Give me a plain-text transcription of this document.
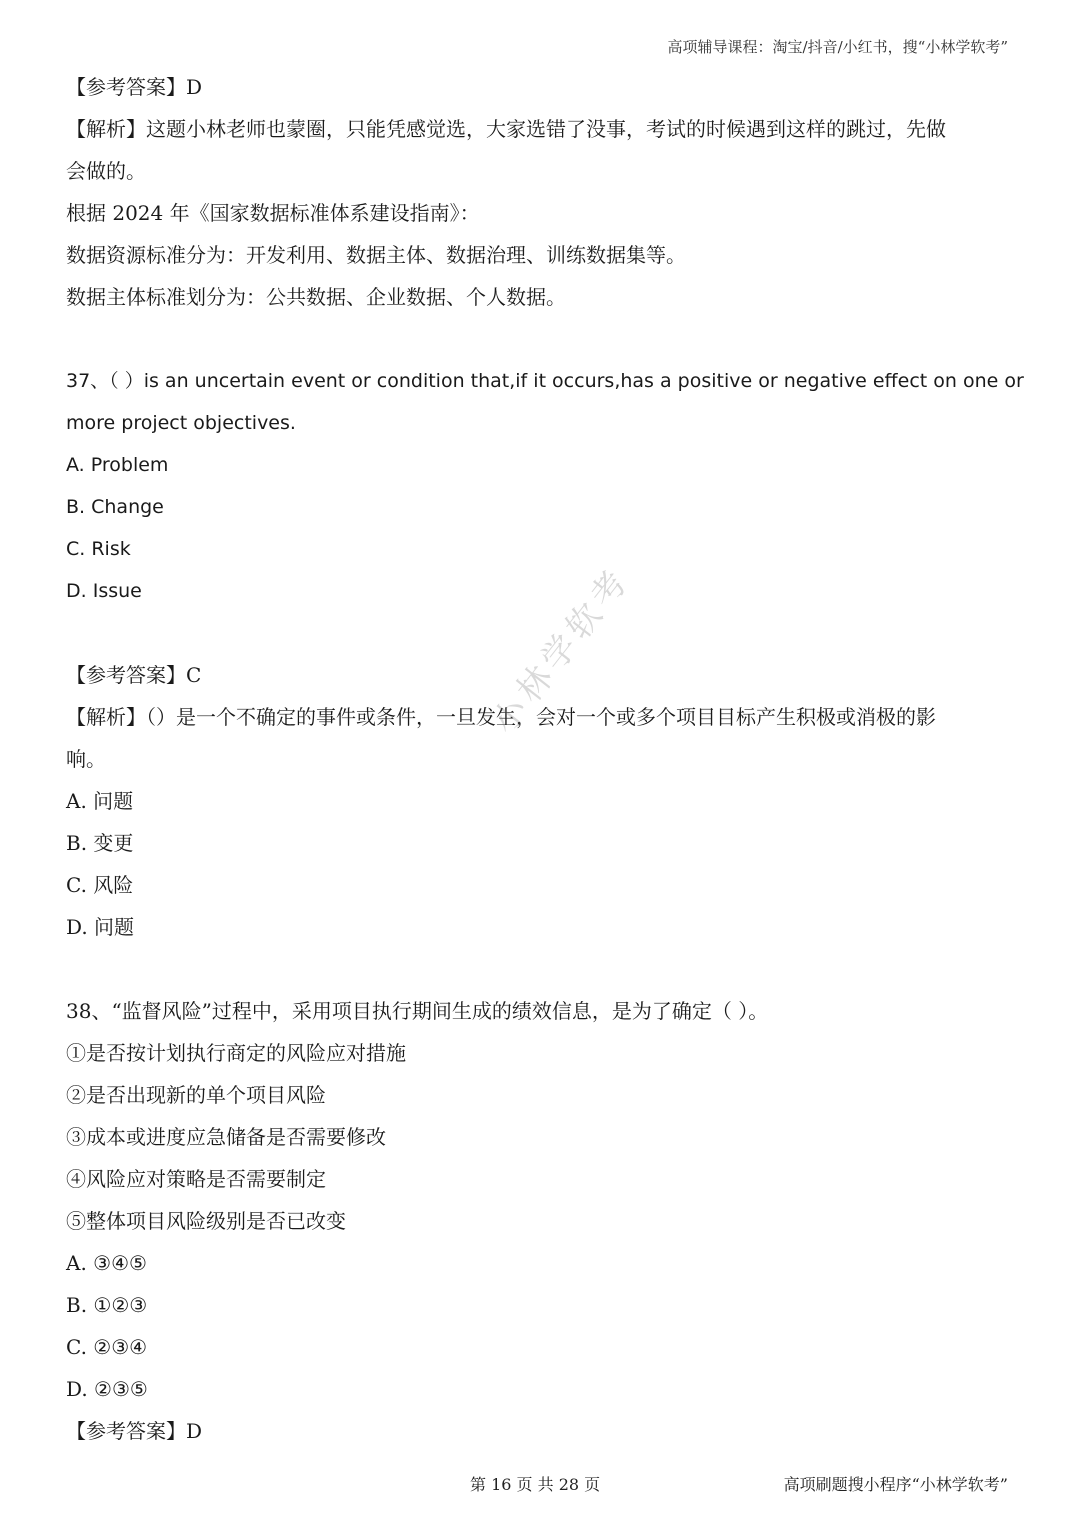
高项辅导课程：淘宝/抖音/小红书，搜“小林学软考”
【参考答案】D
【解析】这题小林老师也蒙圈，只能凭感觉选，大家选错了没事，考试的时候遇到这样的跳过，先做
会做的。
根据 2024 年《国家数据标准体系建设指南》：
数据资源标准分为：开发利用、数据主体、数据治理、训练数据集等。
数据主体标准划分为：公共数据、企业数据、个人数据。
37、（ ）is an uncertain event or condition that,if it occurs,has a positive or negative effect on one or more project objectives.
A. Problem
B. Change
C. Risk
D. Issue
【参考答案】C
【解析】（）是一个不确定的事件或条件，一旦发生，会对一个或多个项目目标产生积极或消极的影
响。
A. 问题
B. 变更
C. 风险
D. 问题
38、“监督风险”过程中，采用项目执行期间生成的绩效信息，是为了确定（ ）。
①是否按计划执行商定的风险应对措施
②是否出现新的单个项目风险
③成本或进度应急储备是否需要修改
④风险应对策略是否需要制定
⑤整体项目风险级别是否已改变
A. ③④⑤
B. ①②③
C. ②③④
D. ②③⑤
【参考答案】D
小林学软考
第 16 页 共 28 页	高项刷题搜小程序“小林学软考”
